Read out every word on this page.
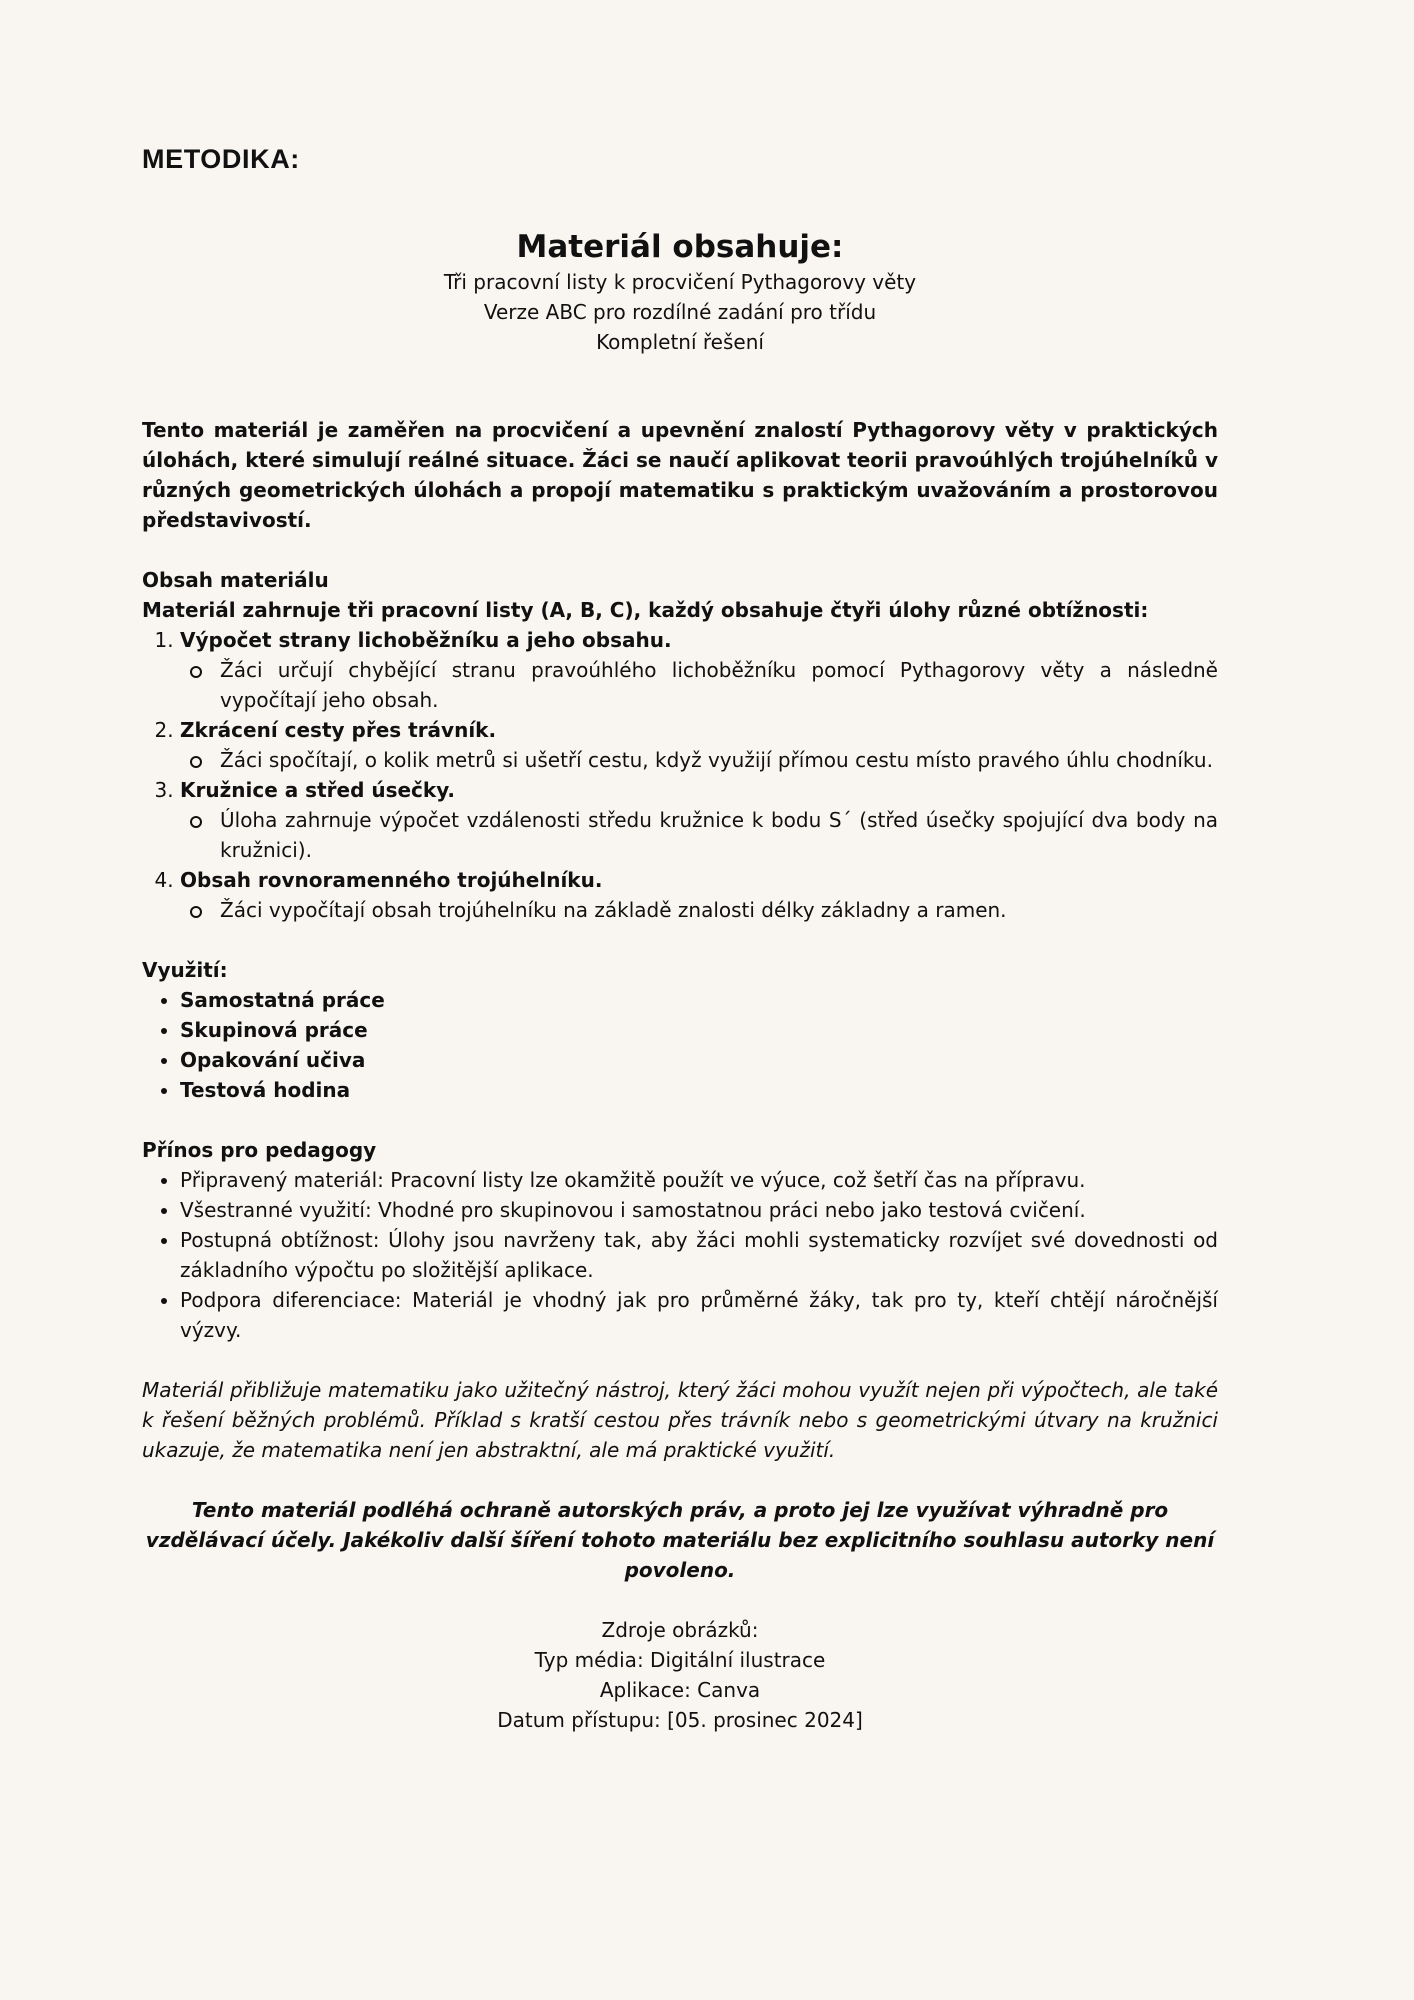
METODIKA:
Materiál obsahuje:
Tři pracovní listy k procvičení Pythagorovy věty
Verze ABC pro rozdílné zadání pro třídu
Kompletní řešení

Tento materiál je zaměřen na procvičení a upevnění znalostí Pythagorovy věty v praktických úlohách, které simulují reálné situace. Žáci se naučí aplikovat teorii pravoúhlých trojúhelníků v různých geometrických úlohách a propojí matematiku s praktickým uvažováním a prostorovou představivostí.

Obsah materiálu
Materiál zahrnuje tři pracovní listy (A, B, C), každý obsahuje čtyři úlohy různé obtížnosti:
1. Výpočet strany lichoběžníku a jeho obsahu.
Žáci určují chybějící stranu pravoúhlého lichoběžníku pomocí Pythagorovy věty a následně vypočítají jeho obsah.
2. Zkrácení cesty přes trávník.
Žáci spočítají, o kolik metrů si ušetří cestu, když využijí přímou cestu místo pravého úhlu chodníku.
3. Kružnice a střed úsečky.
Úloha zahrnuje výpočet vzdálenosti středu kružnice k bodu S´ (střed úsečky spojující dva body na kružnici).
4. Obsah rovnoramenného trojúhelníku.
Žáci vypočítají obsah trojúhelníku na základě znalosti délky základny a ramen.
Využití:
• Samostatná práce
• Skupinová práce
• Opakování učiva
• Testová hodina
Přínos pro pedagogy
• Připravený materiál: Pracovní listy lze okamžitě použít ve výuce, což šetří čas na přípravu.
• Všestranné využití: Vhodné pro skupinovou i samostatnou práci nebo jako testová cvičení.
• Postupná obtížnost: Úlohy jsou navrženy tak, aby žáci mohli systematicky rozvíjet své dovednosti od základního výpočtu po složitější aplikace.
• Podpora diferenciace: Materiál je vhodný jak pro průměrné žáky, tak pro ty, kteří chtějí náročnější výzvy.

Materiál přibližuje matematiku jako užitečný nástroj, který žáci mohou využít nejen při výpočtech, ale také k řešení běžných problémů. Příklad s kratší cestou přes trávník nebo s geometrickými útvary na kružnici ukazuje, že matematika není jen abstraktní, ale má praktické využití.

Tento materiál podléhá ochraně autorských práv, a proto jej lze využívat výhradně pro vzdělávací účely. Jakékoliv další šíření tohoto materiálu bez explicitního souhlasu autorky není povoleno.

Zdroje obrázků:
Typ média: Digitální ilustrace
Aplikace: Canva
Datum přístupu: [05. prosinec 2024]
